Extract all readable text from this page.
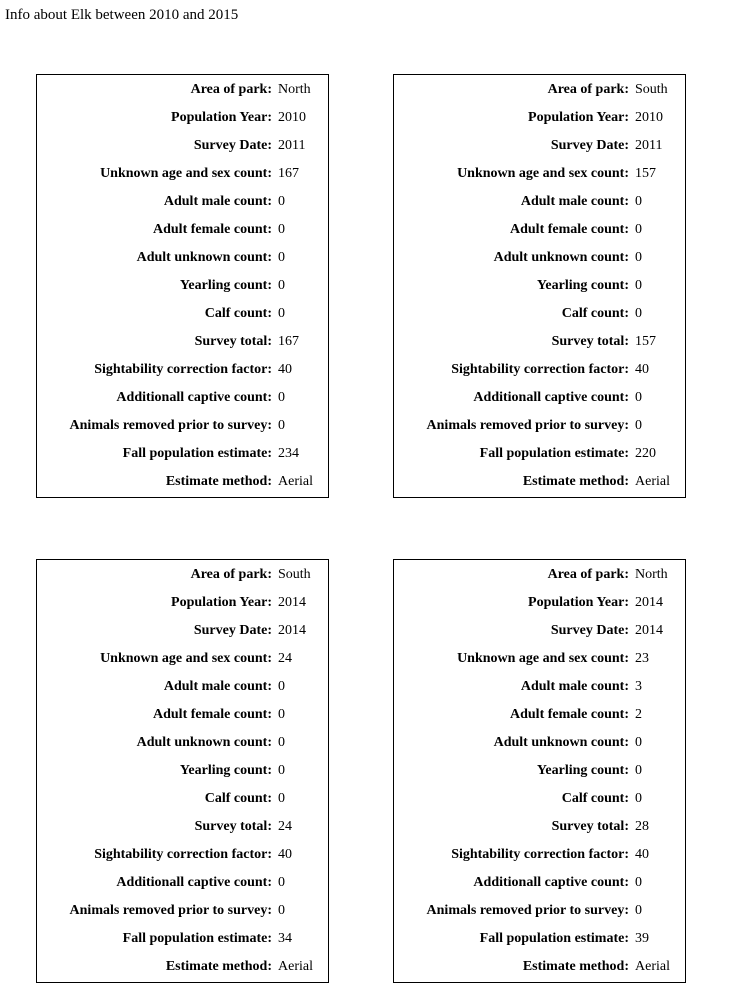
Info about Elk between 2010 and 2015
Area of park:	North
Population Year:	2010
Survey Date:	2011
Unknown age and sex count:	167
Adult male count:	0
Adult female count:	0
Adult unknown count:	0
Yearling count:	0
Calf count:	0
Survey total:	167
Sightability correction factor:	40
Additionall captive count:	0
Animals removed prior to survey:	0
Fall population estimate:	234
Estimate method:	Aerial
Area of park:	South
Population Year:	2010
Survey Date:	2011
Unknown age and sex count:	157
Adult male count:	0
Adult female count:	0
Adult unknown count:	0
Yearling count:	0
Calf count:	0
Survey total:	157
Sightability correction factor:	40
Additionall captive count:	0
Animals removed prior to survey:	0
Fall population estimate:	220
Estimate method:	Aerial
Area of park:	South
Population Year:	2014
Survey Date:	2014
Unknown age and sex count:	24
Adult male count:	0
Adult female count:	0
Adult unknown count:	0
Yearling count:	0
Calf count:	0
Survey total:	24
Sightability correction factor:	40
Additionall captive count:	0
Animals removed prior to survey:	0
Fall population estimate:	34
Estimate method:	Aerial
Area of park:	North
Population Year:	2014
Survey Date:	2014
Unknown age and sex count:	23
Adult male count:	3
Adult female count:	2
Adult unknown count:	0
Yearling count:	0
Calf count:	0
Survey total:	28
Sightability correction factor:	40
Additionall captive count:	0
Animals removed prior to survey:	0
Fall population estimate:	39
Estimate method:	Aerial
